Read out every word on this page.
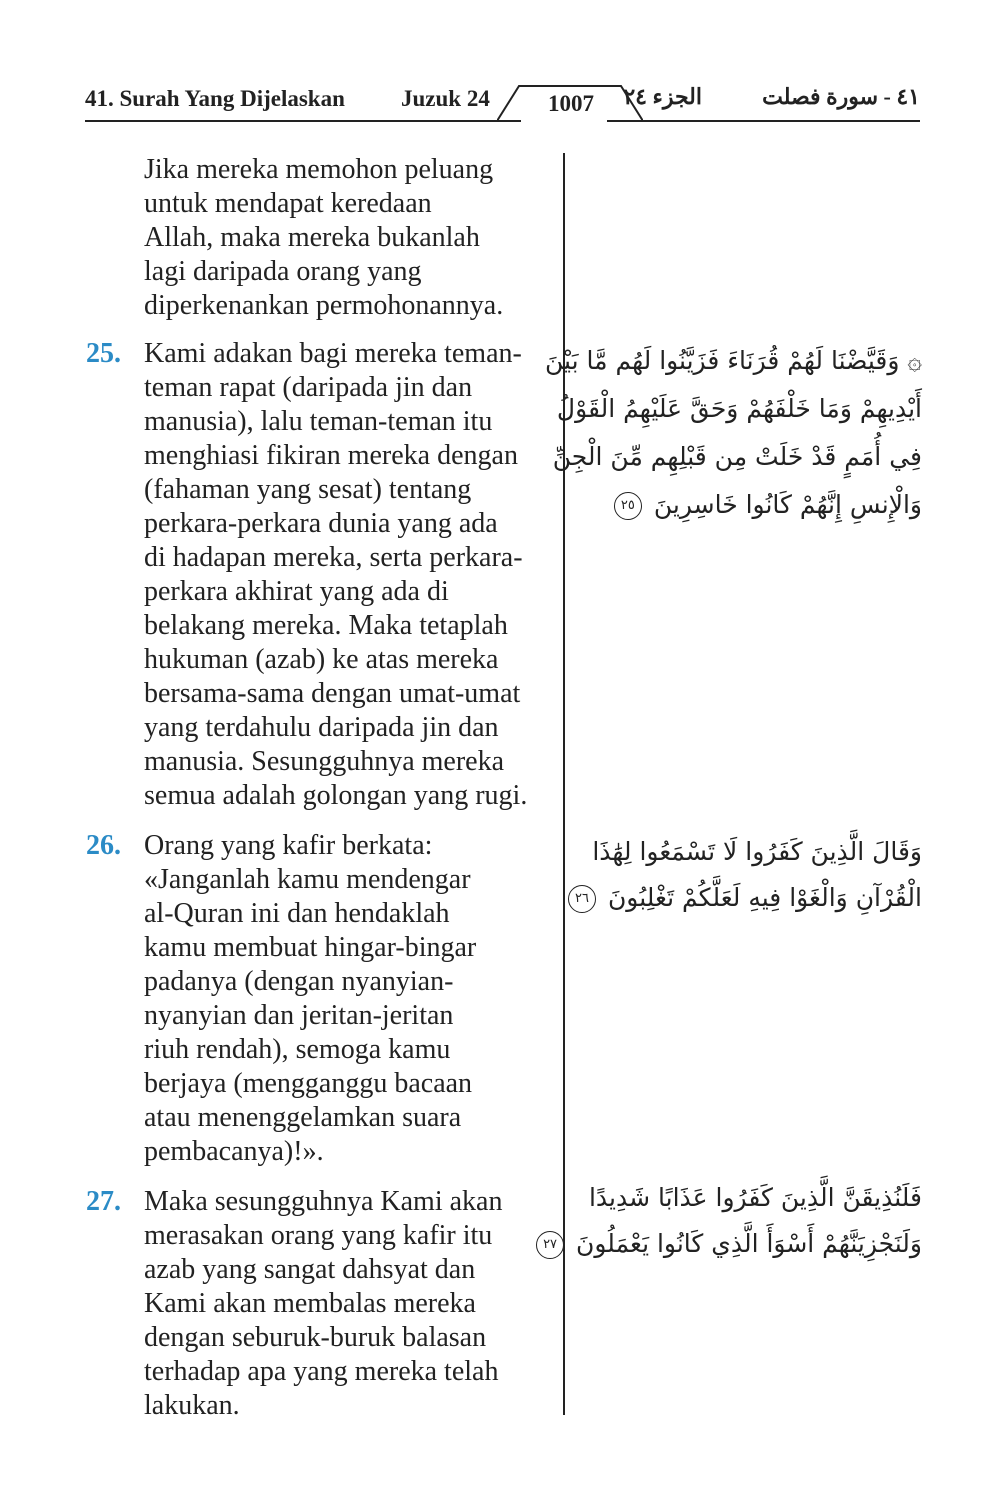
41. Surah Yang Dijelaskan Juzuk 24	1007	الجزء ٢٤	٤١ - سورة فصلت
Jika mereka memohon peluang
untuk mendapat keredaan
Allah, maka mereka bukanlah
lagi daripada orang yang
diperkenankan permohonannya.
25. Kami adakan bagi mereka teman-
teman rapat (daripada jin dan
manusia), lalu teman-teman itu
menghiasi fikiran mereka dengan
(fahaman yang sesat) tentang
perkara-perkara dunia yang ada
di hadapan mereka, serta perkara-
perkara akhirat yang ada di
belakang mereka. Maka tetaplah
hukuman (azab) ke atas mereka
bersama-sama dengan umat-umat
yang terdahulu daripada jin dan
manusia. Sesungguhnya mereka
semua adalah golongan yang rugi.
۞ وَقَيَّضْنَا لَهُمْ قُرَنَاءَ فَزَيَّنُوا لَهُم مَّا بَيْنَ
أَيْدِيهِمْ وَمَا خَلْفَهُمْ وَحَقَّ عَلَيْهِمُ الْقَوْلُ
فِي أُمَمٍ قَدْ خَلَتْ مِن قَبْلِهِم مِّنَ الْجِنِّ
وَالْإِنسِ إِنَّهُمْ كَانُوا خَاسِرِينَ ٢٥
26. Orang yang kafir berkata:
«Janganlah kamu mendengar
al-Quran ini dan hendaklah
kamu membuat hingar-bingar
padanya (dengan nyanyian-
nyanyian dan jeritan-jeritan
riuh rendah), semoga kamu
berjaya (mengganggu bacaan
atau menenggelamkan suara
pembacanya)!».
وَقَالَ الَّذِينَ كَفَرُوا لَا تَسْمَعُوا لِهَٰذَا
الْقُرْآنِ وَالْغَوْا فِيهِ لَعَلَّكُمْ تَغْلِبُونَ ٢٦
27. Maka sesungguhnya Kami akan
merasakan orang yang kafir itu
azab yang sangat dahsyat dan
Kami akan membalas mereka
dengan seburuk-buruk balasan
terhadap apa yang mereka telah
lakukan.
فَلَنُذِيقَنَّ الَّذِينَ كَفَرُوا عَذَابًا شَدِيدًا
وَلَنَجْزِيَنَّهُمْ أَسْوَأَ الَّذِي كَانُوا يَعْمَلُونَ ٢٧
